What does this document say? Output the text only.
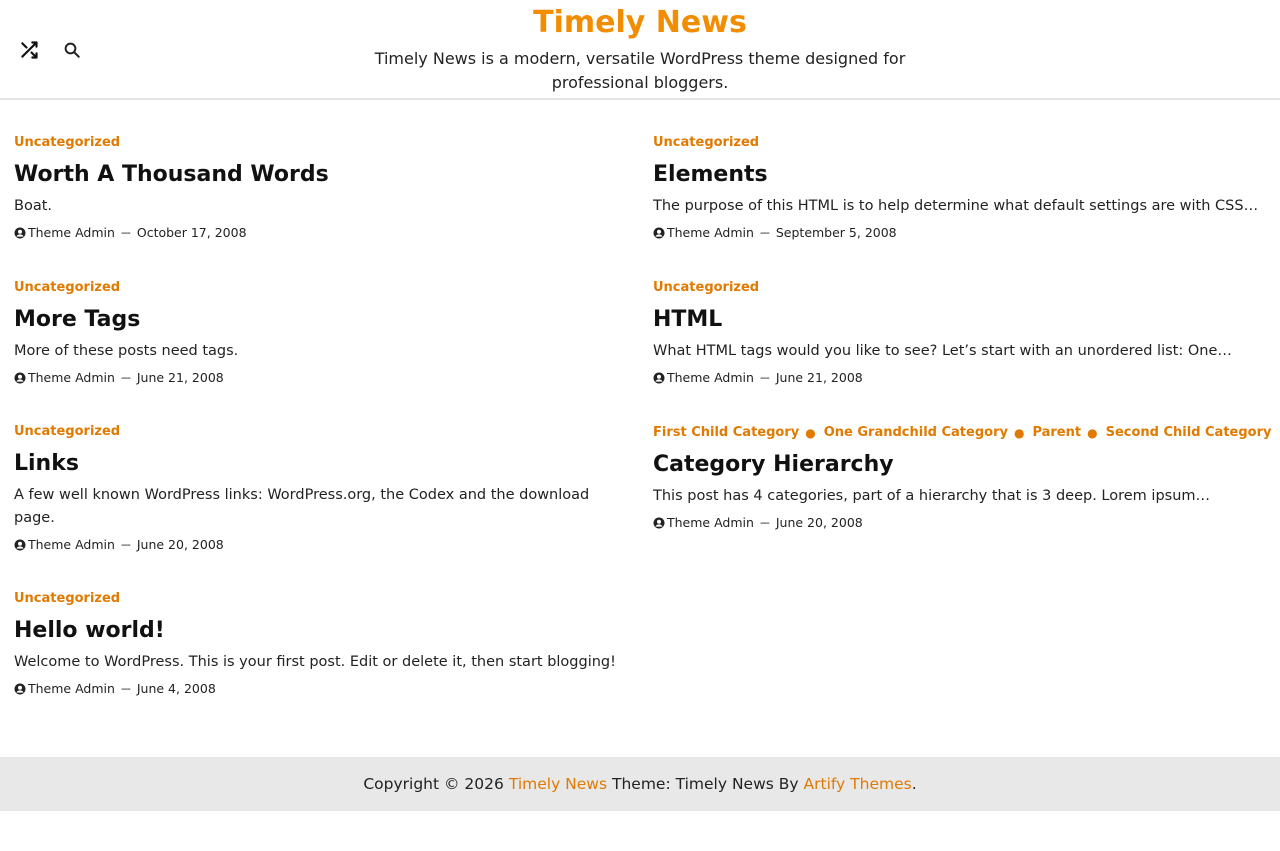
Timely News
Timely News is a modern, versatile WordPress theme designed for professional bloggers.
Uncategorized
Worth A Thousand Words
Boat.
Theme Admin --- October 17, 2008
Uncategorized
Elements
The purpose of this HTML is to help determine what default settings are with CSS…
Theme Admin --- September 5, 2008
Uncategorized
More Tags
More of these posts need tags.
Theme Admin --- June 21, 2008
Uncategorized
HTML
What HTML tags would you like to see? Let’s start with an unordered list: One…
Theme Admin --- June 21, 2008
Uncategorized
Links
A few well known WordPress links: WordPress.org, the Codex and the download page.
Theme Admin --- June 20, 2008
First Child Category ● One Grandchild Category ● Parent ● Second Child Category
Category Hierarchy
This post has 4 categories, part of a hierarchy that is 3 deep. Lorem ipsum…
Theme Admin --- June 20, 2008
Uncategorized
Hello world!
Welcome to WordPress. This is your first post. Edit or delete it, then start blogging!
Theme Admin --- June 4, 2008
Copyright © 2026
Timely News
Theme: Timely News By
Artify Themes .
